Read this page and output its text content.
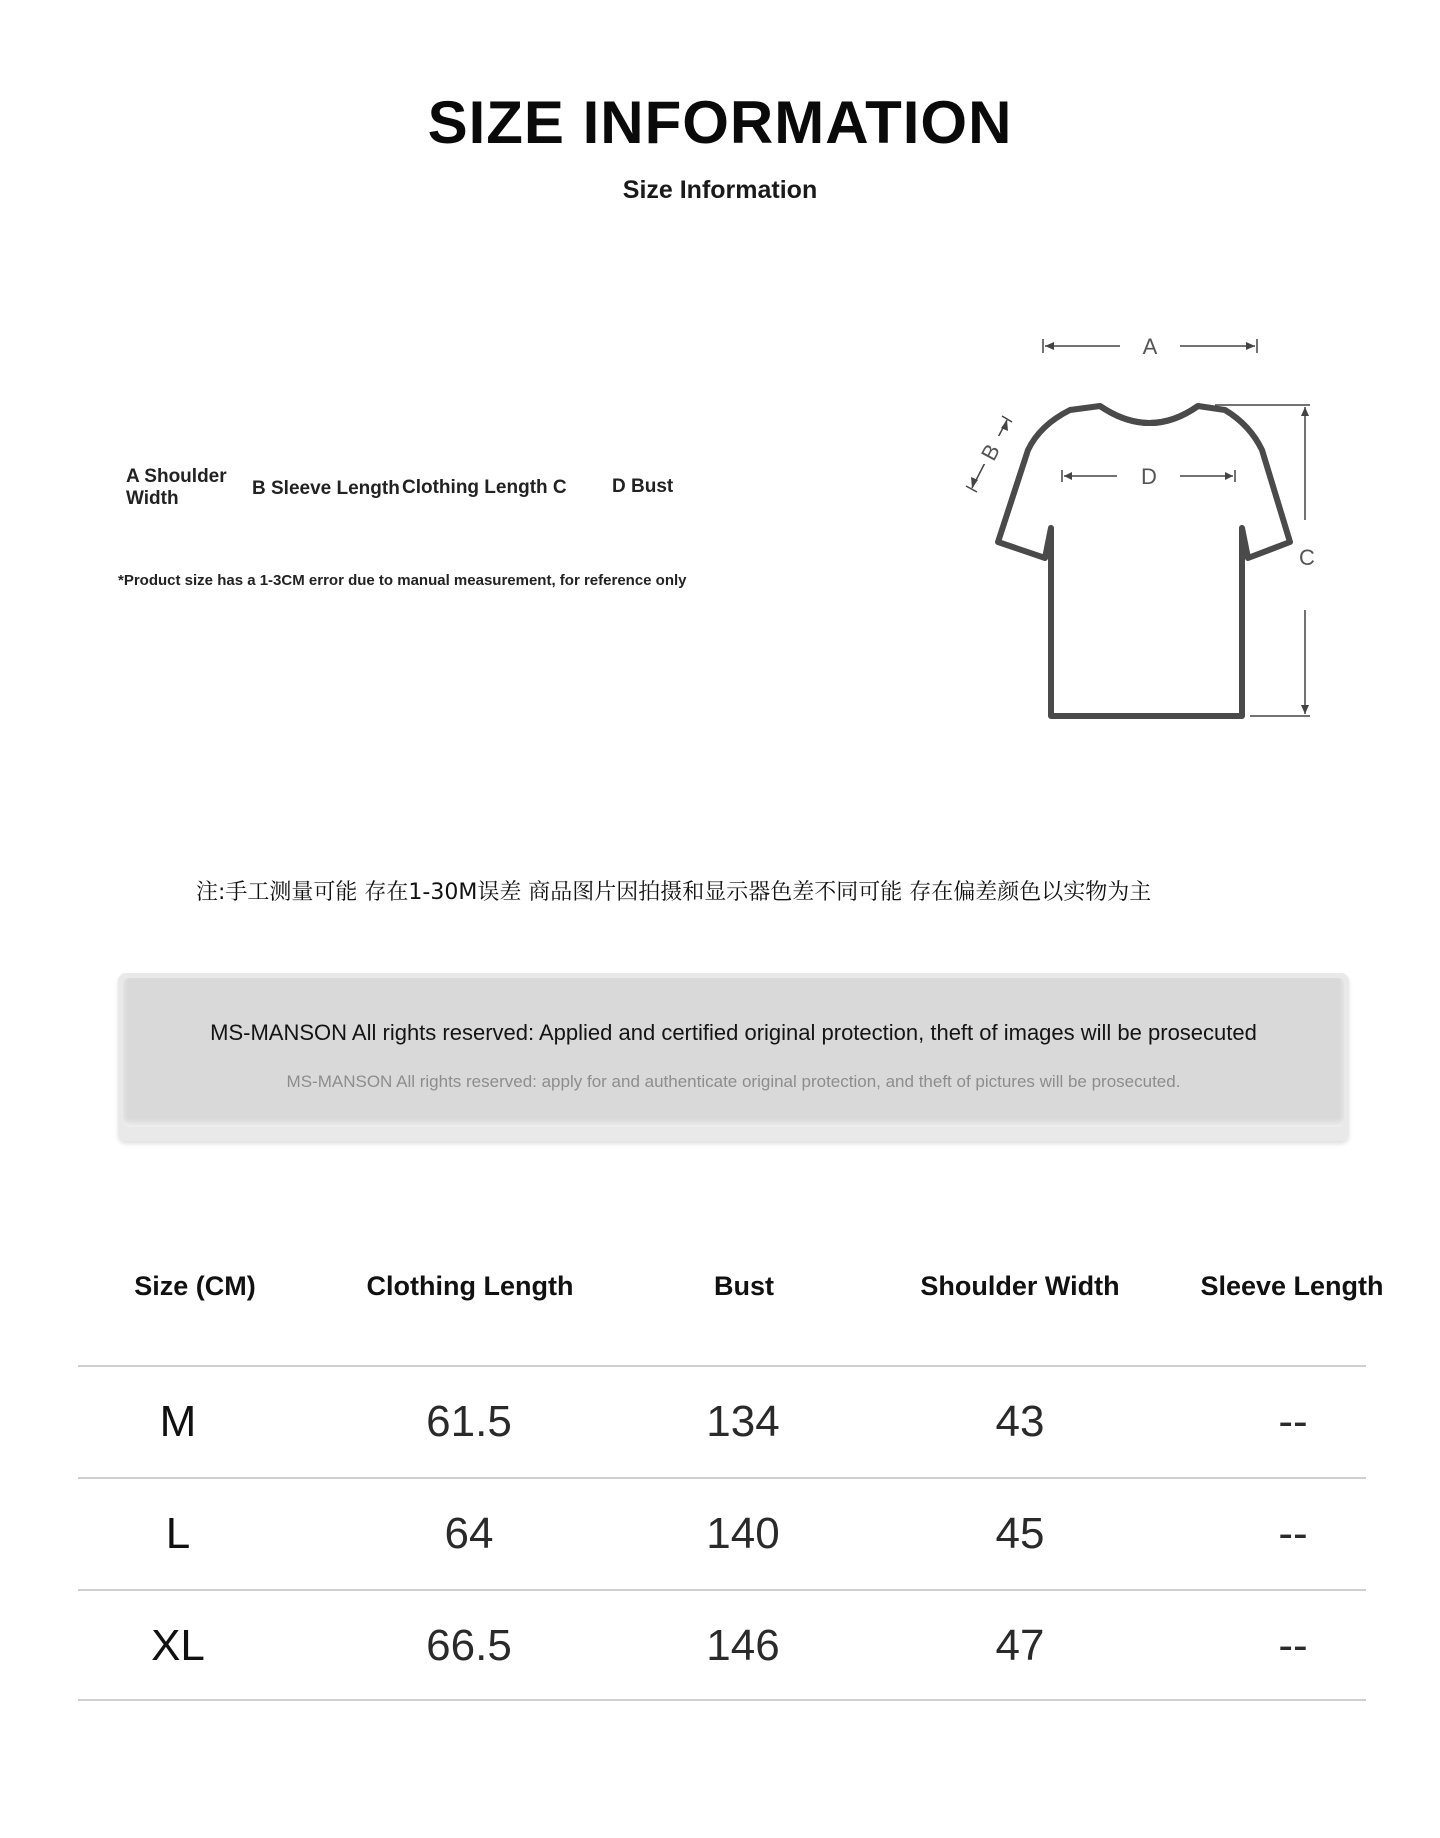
SIZE INFORMATION
Size Information
A Shoulder Width	B Sleeve Length Clothing Length C D Bust
*Product size has a 1-3CM error due to manual measurement, for reference only
A
C
B
D
注:手工测量可能 存在1-30M误差 商品图片因拍摄和显示器色差不同可能 存在偏差颜色以实物为主
MS-MANSON All rights reserved: Applied and certified original protection, theft of images will be prosecuted
MS-MANSON All rights reserved: apply for and authenticate original protection, and theft of pictures will be prosecuted.
Size (CM)	Clothing Length	Bust	Shoulder Width	Sleeve Length
M	61.5	134	43	--
L	64	140	45	--
XL	66.5	146	47	--
